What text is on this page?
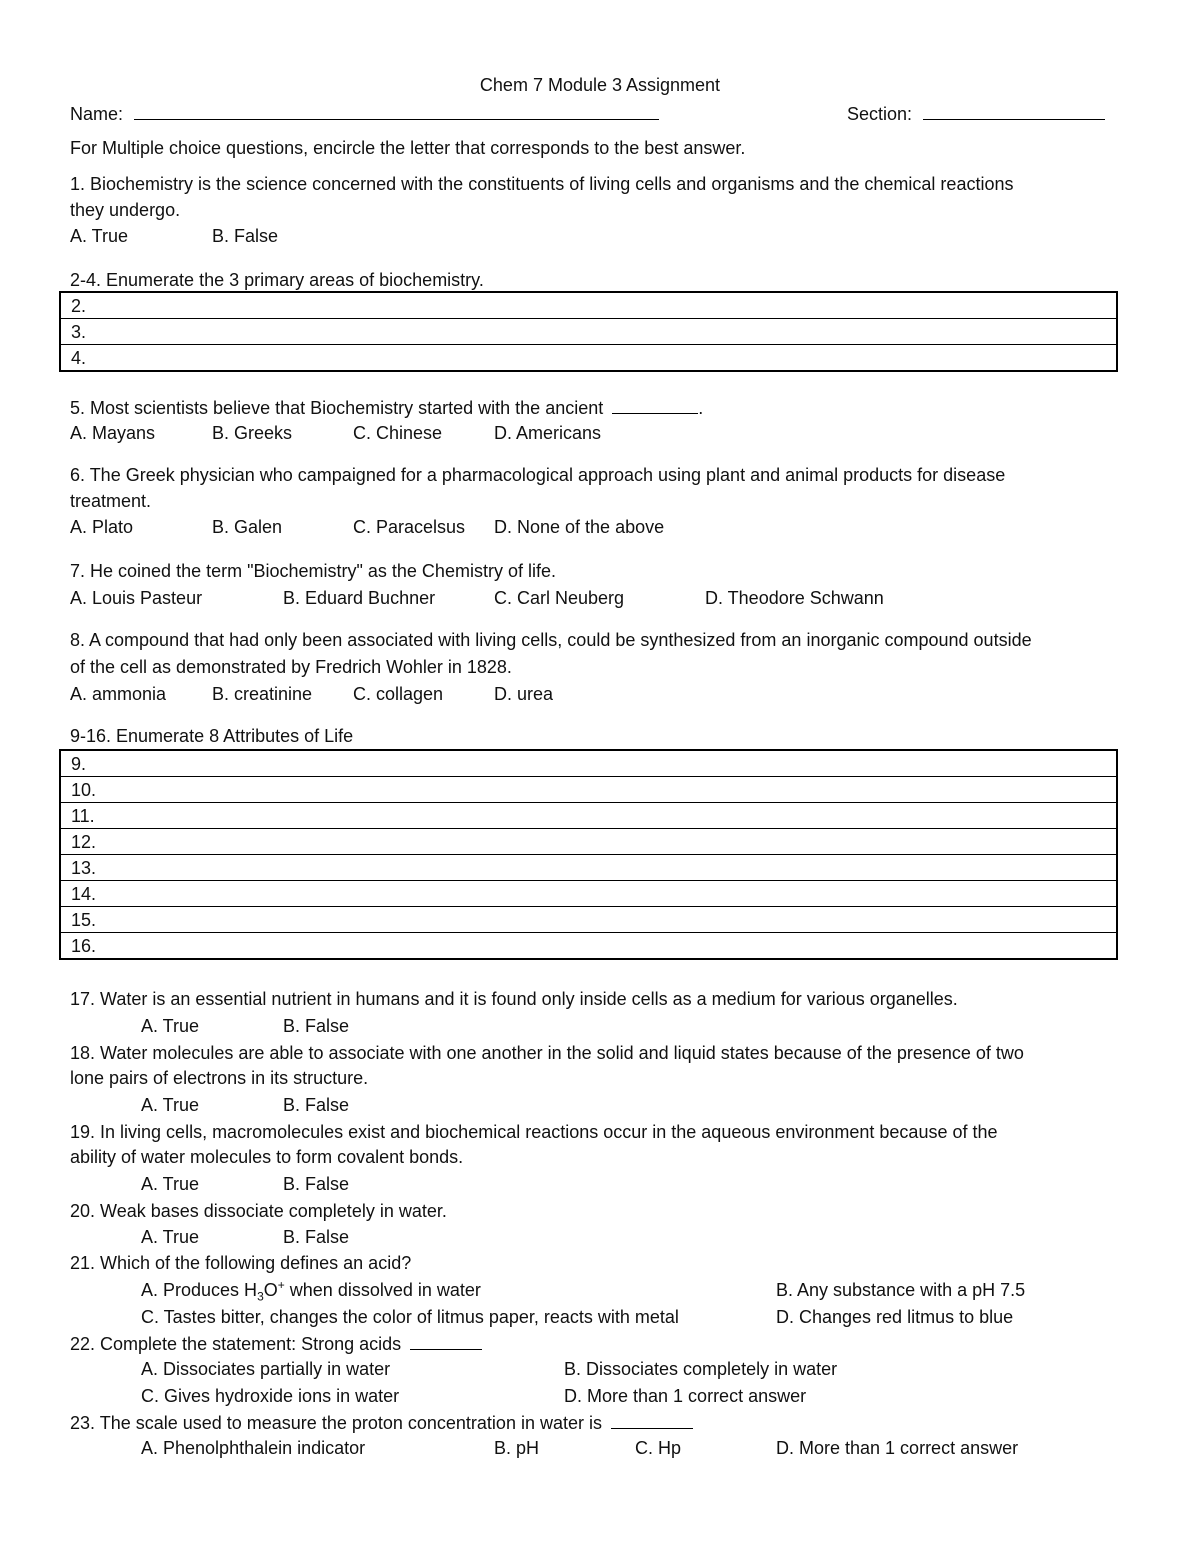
Chem 7 Module 3 Assignment
Name:	Section:
For Multiple choice questions, encircle the letter that corresponds to the best answer.
1. Biochemistry is the science concerned with the constituents of living cells and organisms and the chemical reactions
they undergo.
A. True	B. False
2-4. Enumerate the 3 primary areas of biochemistry.
2.
3.
4.
5. Most scientists believe that Biochemistry started with the ancient	.
A. Mayans	B. Greeks	C. Chinese	D. Americans
6. The Greek physician who campaigned for a pharmacological approach using plant and animal products for disease
treatment.
A. Plato	B. Galen	C. Paracelsus D. None of the above
7. He coined the term "Biochemistry" as the Chemistry of life.
A. Louis Pasteur	B. Eduard Buchner	C. Carl Neuberg	D. Theodore Schwann
8. A compound that had only been associated with living cells, could be synthesized from an inorganic compound outside
of the cell as demonstrated by Fredrich Wohler in 1828.
A. ammonia	B. creatinine C. collagen	D. urea
9-16. Enumerate 8 Attributes of Life
9.
10.
11.
12.
13.
14.
15.
16.
17. Water is an essential nutrient in humans and it is found only inside cells as a medium for various organelles.
A. True	B. False
18. Water molecules are able to associate with one another in the solid and liquid states because of the presence of two
lone pairs of electrons in its structure.
A. True	B. False
19. In living cells, macromolecules exist and biochemical reactions occur in the aqueous environment because of the
ability of water molecules to form covalent bonds.
A. True	B. False
20. Weak bases dissociate completely in water.
A. True	B. False
21. Which of the following defines an acid?
A. Produces $H_3O^+$ when dissolved in water	B. Any substance with a pH 7.5
C. Tastes bitter, changes the color of litmus paper, reacts with metal	D. Changes red litmus to blue
22. Complete the statement: Strong acids
A. Dissociates partially in water	B. Dissociates completely in water
C. Gives hydroxide ions in water	D. More than 1 correct answer
23. The scale used to measure the proton concentration in water is
A. Phenolphthalein indicator	B. pH	C. Hp	D. More than 1 correct answer
